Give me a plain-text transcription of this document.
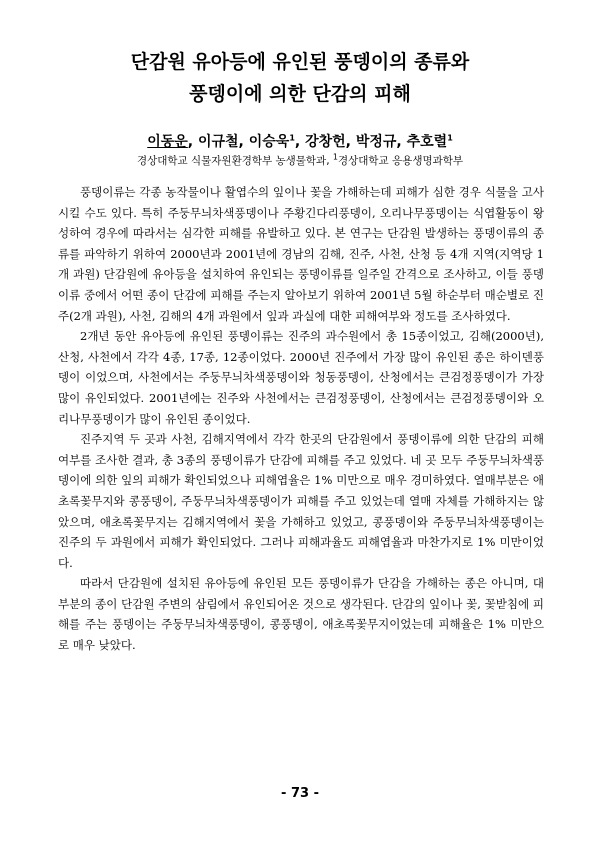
단감원 유아등에 유인된 풍뎅이의 종류와
풍뎅이에 의한 단감의 피해
이동운, 이규철, 이승욱$^1$, 강창헌, 박정규, 추호렬$^1$
경상대학교 식물자원환경학부 농생물학과, $^1$경상대학교 응용생명과학부

풍뎅이류는 각종 농작물이나 활엽수의 잎이나 꽃을 가해하는데 피해가 심한 경우 식물을 고사시킬 수도 있다. 특히 주둥무늬차색풍뎅이나 주황긴다리풍뎅이, 오리나무풍뎅이는 식엽활동이 왕성하여 경우에 따라서는 심각한 피해를 유발하고 있다. 본 연구는 단감원 발생하는 풍뎅이류의 종류를 파악하기 위하여 2000년과 2001년에 경남의 김해, 진주, 사천, 산청 등 4개 지역(지역당 1개 과원) 단감원에 유아등을 설치하여 유인되는 풍뎅이류를 일주일 간격으로 조사하고, 이들 풍뎅이류 중에서 어떤 종이 단감에 피해를 주는지 알아보기 위하여 2001년 5월 하순부터 매순별로 진주(2개 과원), 사천, 김해의 4개 과원에서 잎과 과실에 대한 피해여부와 정도를 조사하였다.

2개년 동안 유아등에 유인된 풍뎅이류는 진주의 과수원에서 총 15종이었고, 김해(2000년), 산청, 사천에서 각각 4종, 17종, 12종이었다. 2000년 진주에서 가장 많이 유인된 종은 하이덴풍뎅이 이었으며, 사천에서는 주둥무늬차색풍뎅이와 청동풍뎅이, 산청에서는 큰검정풍뎅이가 가장 많이 유인되었다. 2001년에는 진주와 사천에서는 큰검정풍뎅이, 산청에서는 큰검정풍뎅이와 오리나무풍뎅이가 많이 유인된 종이었다.

진주지역 두 곳과 사천, 김해지역에서 각각 한곳의 단감원에서 풍뎅이류에 의한 단감의 피해여부를 조사한 결과, 총 3종의 풍뎅이류가 단감에 피해를 주고 있었다. 네 곳 모두 주둥무늬차색풍뎅이에 의한 잎의 피해가 확인되었으나 피해엽율은 1% 미만으로 매우 경미하였다. 열매부분은 애초록꽃무지와 콩풍뎅이, 주둥무늬차색풍뎅이가 피해를 주고 있었는데 열매 자체를 가해하지는 않았으며, 애초록꽃무지는 김해지역에서 꽃을 가해하고 있었고, 콩풍뎅이와 주둥무늬차색풍뎅이는 진주의 두 과원에서 피해가 확인되었다. 그러나 피해과율도 피해엽율과 마찬가지로 1% 미만이었다.

따라서 단감원에 설치된 유아등에 유인된 모든 풍뎅이류가 단감을 가해하는 종은 아니며, 대부분의 종이 단감원 주변의 삼림에서 유인되어온 것으로 생각된다. 단감의 잎이나 꽃, 꽃받침에 피해를 주는 풍뎅이는 주둥무늬차색풍뎅이, 콩풍뎅이, 애초록꽃무지이었는데 피해율은 1% 미만으로 매우 낮았다.

- 73 -
